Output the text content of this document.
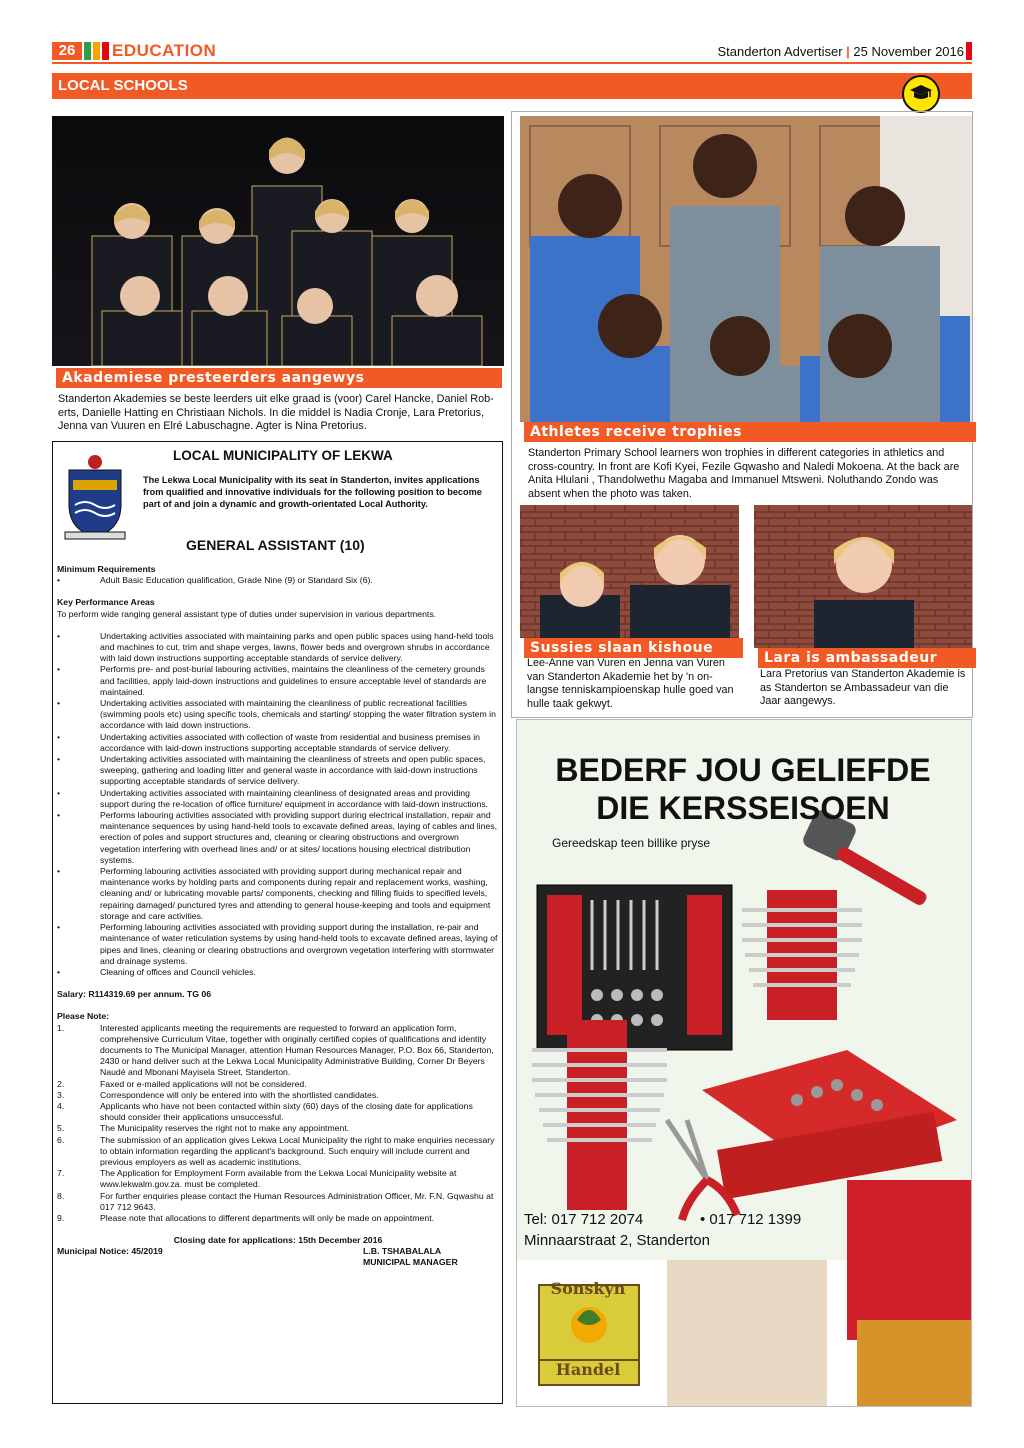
26	EDUCATION	Standerton Advertiser | 25 November 2016
LOCAL SCHOOLS
Akademiese presteerders aangewys
Standerton Akademies se beste leerders uit elke graad is (voor) Carel Hancke, Daniel Rob-erts, Danielle Hatting en Christiaan Nichols. In die middel is Nadia Cronje, Lara Pretorius, Jenna van Vuuren en Elré Labuschagne. Agter is Nina Pretorius.	Athletes receive trophies
Standerton Primary School learners won trophies in different categories in athletics and cross-country. In front are Kofi Kyei, Fezile Gqwasho and Naledi Mokoena. At the back are Anita Hlulani , Thandolwethu Magaba and Immanuel Mtsweni. Noluthando Zondo was absent when the photo was taken.
Sussies slaan kishoue
Lee-Anne van Vuren en Jenna van Vuren van Standerton Akademie het by 'n on-langse tenniskampioenskap hulle goed van hulle taak gekwyt.
Lara is ambassadeur
Lara Pretorius van Standerton Akademie is as Standerton se Ambassadeur van die Jaar aangewys.
LOCAL MUNICIPALITY OF LEKWA
The Lekwa Local Municipality with its seat in Standerton, invites applications from qualified and innovative individuals for the following position to become part of and join a dynamic and growth-orientated Local Authority.
GENERAL ASSISTANT (10)
Minimum Requirements
•	Adult Basic Education qualification, Grade Nine (9) or Standard Six (6).
Key Performance Areas
To perform wide ranging general assistant type of duties under supervision in various departments.
•	Undertaking activities associated with maintaining parks and open public spaces using hand-held tools and machines to cut, trim and shape verges, lawns, flower beds and overgrown shrubs in accordance with laid down instructions supporting acceptable standards of service delivery.
•	Performs pre- and post-burial labouring activities, maintains the cleanliness of the cemetery grounds and facilities, apply laid-down instructions and guidelines to ensure acceptable level of standards are maintained.
•	Undertaking activities associated with maintaining the cleanliness of public recreational facilities (swimming pools etc) using specific tools, chemicals and starting/ stopping the water filtration system in accordance with laid down instructions.
•	Undertaking activities associated with collection of waste from residential and business premises in accordance with laid-down instructions supporting acceptable standards of service delivery.
•	Undertaking activities associated with maintaining the cleanliness of streets and open public spaces, sweeping, gathering and loading litter and general waste in accordance with laid-down instructions supporting acceptable standards of service delivery.
•	Undertaking activities associated with maintaining cleanliness of designated areas and providing support during the re-location of office furniture/ equipment in accordance with laid-down instructions.
•	Performs labouring activities associated with providing support during electrical installation, repair and maintenance sequences by using hand-held tools to excavate defined areas, laying of cables and lines, erection of poles and support structures and, cleaning or clearing obstructions and overgrown vegetation interfering with overhead lines and/ or at sites/ locations housing electrical distribution systems.
•	Performing labouring activities associated with providing support during mechanical repair and maintenance works by holding parts and components during repair and replacement works, washing, cleaning and/ or lubricating movable parts/ components, checking and filling fluids to specified levels, repairing damaged/ punctured tyres and attending to general house-keeping and tools and equipment storage and care activities.
•	Performing labouring activities associated with providing support during the installation, re-pair and maintenance of water reticulation systems by using hand-held tools to excavate defined areas, laying of pipes and lines, cleaning or clearing obstructions and overgrown vegetation interfering with stormwater and drainage systems.
•	Cleaning of offices and Council vehicles.
Salary: R114319.69 per annum. TG 06
Please Note:
1.	Interested applicants meeting the requirements are requested to forward an application form, comprehensive Curriculum Vitae, together with originally certified copies of qualifications and identity documents to The Municipal Manager, attention Human Resources Manager, P.O. Box 66, Standerton, 2430 or hand deliver such at the Lekwa Local Municipality Administrative Building, Corner Dr Beyers Naudé and Mbonani Mayisela Street, Standerton.
2.	Faxed or e-mailed applications will not be considered.
3.	Correspondence will only be entered into with the shortlisted candidates.
4.	Applicants who have not been contacted within sixty (60) days of the closing date for applications should consider their applications unsuccessful.
5.	The Municipality reserves the right not to make any appointment.
6.	The submission of an application gives Lekwa Local Municipality the right to make enquiries necessary to obtain information regarding the applicant's background. Such enquiry will include current and previous employers as well as academic institutions.
7.	The Application for Employment Form available from the Lekwa Local Municipality website at www.lekwalm.gov.za. must be completed.
8.	For further enquiries please contact the Human Resources Administration Officer, Mr. F.N. Gqwashu at 017 712 9643.
9.	Please note that allocations to different departments will only be made on appointment.
Closing date for applications: 15th December 2016
Municipal Notice: 45/2019	L.B. TSHABALALA
MUNICIPAL MANAGER
BEDERF JOU GELIEFDE
DIE KERSSEISOEN
Gereedskap teen billike pryse
Tel: 017 712 2074	• 017 712 1399
Minnaarstraat 2, Standerton
Sonskyn
Handel
